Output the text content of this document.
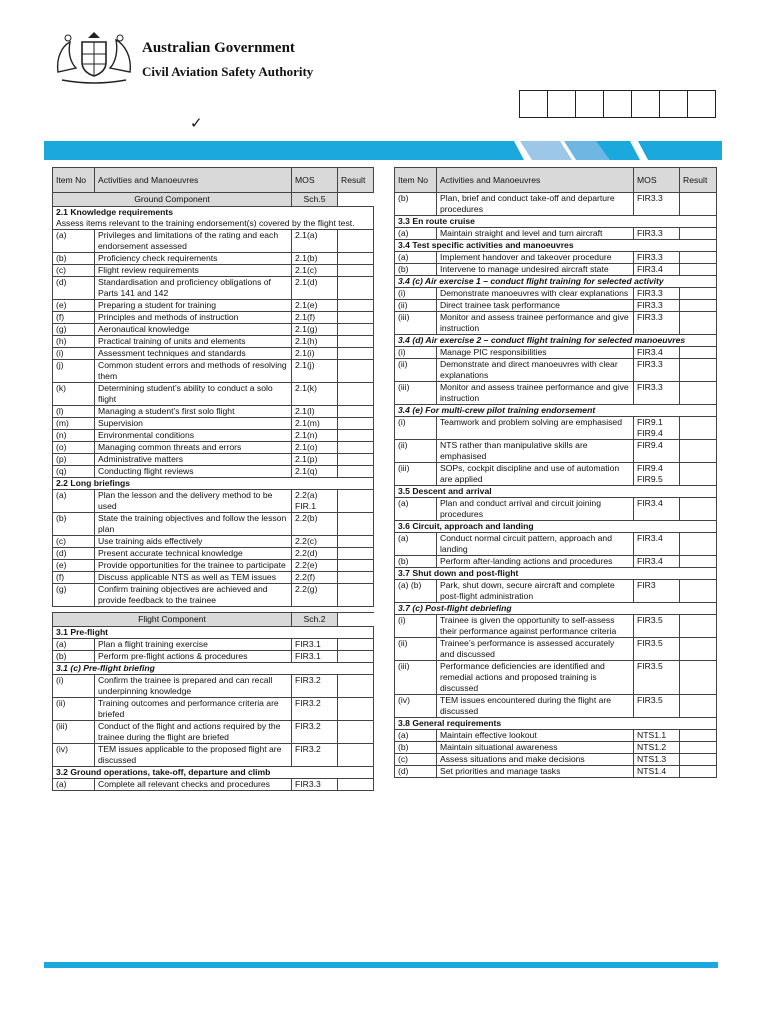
Australian Government
Civil Aviation Safety Authority
✓
Item No	Activities and Manoeuvres	MOS	Result
Ground Component		Sch.5	

2.1 Knowledge requirements
Assess items relevant to the training endorsement(s) covered by the flight test.			

(a)	Privileges and limitations of the rating and each endorsement assessed	2.1(a)	
(b)	Proficiency check requirements	2.1(b)	
(c)	Flight review requirements	2.1(c)	
(d)	Standardisation and proficiency obligations of Parts 141 and 142	2.1(d)	
(e)	Preparing a student for training	2.1(e)	
(f)	Principles and methods of instruction	2.1(f)	
(g)	Aeronautical knowledge	2.1(g)	
(h)	Practical training of units and elements	2.1(h)	
(i)	Assessment techniques and standards	2.1(i)	
(j)	Common student errors and methods of resolving them	2.1(j)	
(k)	Determining student’s ability to conduct a solo flight	2.1(k)	
(l)	Managing a student’s first solo flight	2.1(l)	
(m)	Supervision	2.1(m)	
(n)	Environmental conditions	2.1(n)	
(o)	Managing common threats and errors	2.1(o)	
(p)	Administrative matters	2.1(p)	
(q)	Conducting flight reviews	2.1(q)	

2.2 Long briefings			

(a)	Plan the lesson and the delivery method to be used	2.2(a) FIR.1	
(b)	State the training objectives and follow the lesson plan	2.2(b)	
(c)	Use training aids effectively	2.2(c)	
(d)	Present accurate technical knowledge	2.2(d)	
(e)	Provide opportunities for the trainee to participate	2.2(e)	
(f)	Discuss applicable NTS as well as TEM issues	2.2(f)	
(g)	Confirm training objectives are achieved and provide feedback to the trainee	2.2(g)	

Flight Component		Sch.2	

3.1 Pre-flight			

(a)	Plan a flight training exercise	FIR3.1	
(b)	Perform pre-flight actions & procedures	FIR3.1	

3.1 (c) Pre-flight briefing			

(i)	Confirm the trainee is prepared and can recall underpinning knowledge	FIR3.2	
(ii)	Training outcomes and performance criteria are briefed	FIR3.2	
(iii)	Conduct of the flight and actions required by the trainee during the flight are briefed	FIR3.2	
(iv)	TEM issues applicable to the proposed flight are discussed	FIR3.2	

3.2 Ground operations, take-off, departure and climb			

(a)	Complete all relevant checks and procedures	FIR3.3	
Item No	Activities and Manoeuvres	MOS	Result
(b)	Plan, brief and conduct take-off and departure procedures	FIR3.3	

3.3 En route cruise			

(a)	Maintain straight and level and turn aircraft	FIR3.3	

3.4 Test specific activities and manoeuvres			

(a)	Implement handover and takeover procedure	FIR3.3	
(b)	Intervene to manage undesired aircraft state	FIR3.4	

3.4 (c) Air exercise 1 – conduct flight training for selected activity			

(i)	Demonstrate manoeuvres with clear explanations	FIR3.3	
(ii)	Direct trainee task performance	FIR3.3	
(iii)	Monitor and assess trainee performance and give instruction	FIR3.3	

3.4 (d) Air exercise 2 – conduct flight training for selected manoeuvres			

(i)	Manage PIC responsibilities	FIR3.4	
(ii)	Demonstrate and direct manoeuvres with clear explanations	FIR3.3	
(iii)	Monitor and assess trainee performance and give instruction	FIR3.3	

3.4 (e) For multi-crew pilot training endorsement			

(i)	Teamwork and problem solving are emphasised	FIR9.1 FIR9.4	
(ii)	NTS rather than manipulative skills are emphasised	FIR9.4	
(iii)	SOPs, cockpit discipline and use of automation are applied	FIR9.4 FIR9.5	

3.5 Descent and arrival			

(a)	Plan and conduct arrival and circuit joining procedures	FIR3.4	

3.6 Circuit, approach and landing			

(a)	Conduct normal circuit pattern, approach and landing	FIR3.4	
(b)	Perform after-landing actions and procedures	FIR3.4	

3.7 Shut down and post-flight			

(a) (b)	Park, shut down, secure aircraft and complete post-flight administration	FIR3	

3.7 (c) Post-flight debriefing			

(i)	Trainee is given the opportunity to self-assess their performance against performance criteria	FIR3.5	
(ii)	Trainee’s performance is assessed accurately and discussed	FIR3.5	
(iii)	Performance deficiencies are identified and remedial actions and proposed training is discussed	FIR3.5	
(iv)	TEM issues encountered during the flight are discussed	FIR3.5	

3.8 General requirements			

(a)	Maintain effective lookout	NTS1.1	
(b)	Maintain situational awareness	NTS1.2	
(c)	Assess situations and make decisions	NTS1.3	
(d)	Set priorities and manage tasks	NTS1.4	
